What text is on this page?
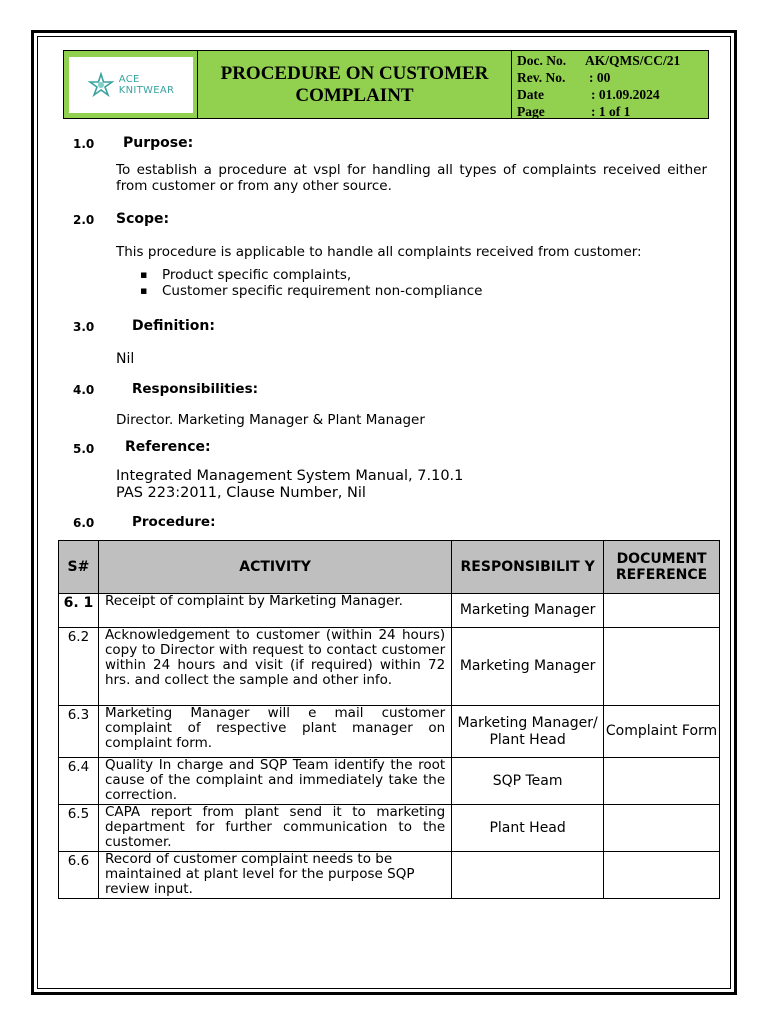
ACE
KNITWEAR
PROCEDURE ON CUSTOMER
COMPLAINT
Doc. No.	AK/QMS/CC/21
Rev. No.	: 00
Date	: 01.09.2024
Page	: 1 of 1
1.0 Purpose:
To establish a procedure at vspl for handling all types of complaints received either from customer or from any other source.
2.0 Scope:
This procedure is applicable to handle all complaints received from customer:
▪ Product specific complaints,
▪ Customer specific requirement non-compliance
3.0	Definition:
Nil
4.0	Responsibilities:
Director. Marketing Manager & Plant Manager
5.0 Reference:
Integrated Management System Manual, 7.10.1
PAS 223:2011, Clause Number, Nil
6.0	Procedure:
S#	ACTIVITY	RESPONSIBILIT Y	DOCUMENT REFERENCE
6. 1	Receipt of complaint by Marketing Manager.	Marketing Manager	
6.2	Acknowledgement to customer (within 24 hours) copy to Director with request to contact customer within 24 hours and visit (if required) within 72 hrs. and collect the sample and other info.	Marketing Manager	
6.3	Marketing Manager will e mail customer complaint of respective plant manager on complaint form.	Marketing Manager/ Plant Head	Complaint Form
6.4	Quality In charge and SQP Team identify the root cause of the complaint and immediately take the correction.	SQP Team	
6.5	CAPA report from plant send it to marketing department for further communication to the customer.	Plant Head	
6.6	Record of customer complaint needs to be maintained at plant level for the purpose SQP review input.		
